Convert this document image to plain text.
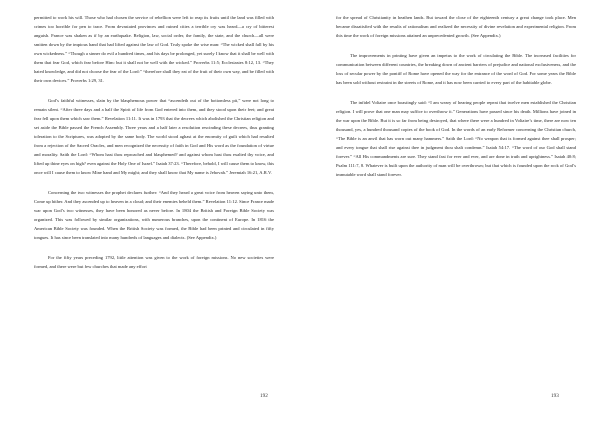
permitted to work his will. Those who had chosen the service of rebellion were left to reap its fruits until the land was filled with crimes too horrible for pen to trace. From devastated provinces and ruined cities a terrible cry was heard—a cry of bitterest anguish. France was shaken as if by an earthquake. Religion, law, social order, the family, the state, and the church—all were smitten down by the impious hand that had lifted against the law of God. Truly spoke the wise man: “The wicked shall fall by his own wickedness.” “Though a sinner do evil a hundred times, and his days be prolonged, yet surely I know that it shall be well with them that fear God, which fear before Him: but it shall not be well with the wicked.” Proverbs 11:5; Ecclesiastes 8:12, 13. “They hated knowledge, and did not choose the fear of the Lord:” “therefore shall they eat of the fruit of their own way, and be filled with their own devices.” Proverbs 1:29, 31.

God’s faithful witnesses, slain by the blasphemous power that “ascendeth out of the bottomless pit,” were not long to remain silent. “After three days and a half the Spirit of life from God entered into them, and they stood upon their feet; and great fear fell upon them which saw them.” Revelation 11:11. It was in 1793 that the decrees which abolished the Christian religion and set aside the Bible passed the French Assembly. Three years and a half later a resolution rescinding these decrees, thus granting toleration to the Scriptures, was adopted by the same body. The world stood aghast at the enormity of guilt which had resulted from a rejection of the Sacred Oracles, and men recognized the necessity of faith in God and His word as the foundation of virtue and morality. Saith the Lord: “Whom hast thou reproached and blasphemed? and against whom hast thou exalted thy voice, and lifted up thine eyes on high? even against the Holy One of Israel.” Isaiah 37:23. “Therefore, behold, I will cause them to know, this once will I cause them to know Mine hand and My might; and they shall know that My name is Jehovah.” Jeremiah 16:21, A.R.V.

Concerning the two witnesses the prophet declares further: “And they heard a great voice from heaven saying unto them, Come up hither. And they ascended up to heaven in a cloud; and their enemies beheld them.” Revelation 11:12. Since France made war upon God’s two witnesses, they have been honored as never before. In 1804 the British and Foreign Bible Society was organized. This was followed by similar organizations, with numerous branches, upon the continent of Europe. In 1816 the American Bible Society was founded. When the British Society was formed, the Bible had been printed and circulated in fifty tongues. It has since been translated into many hundreds of languages and dialects. (See Appendix.)

For the fifty years preceding 1792, little attention was given to the work of foreign missions. No new societies were formed, and there were but few churches that made any effort

192

for the spread of Christianity in heathen lands. But toward the close of the eighteenth century a great change took place. Men became dissatisfied with the results of rationalism and realized the necessity of divine revelation and experimental religion. From this time the work of foreign missions attained an unprecedented growth. (See Appendix.)

The improvements in printing have given an impetus to the work of circulating the Bible. The increased facilities for communication between different countries, the breaking down of ancient barriers of prejudice and national exclusiveness, and the loss of secular power by the pontiff of Rome have opened the way for the entrance of the word of God. For some years the Bible has been sold without restraint in the streets of Rome, and it has now been carried to every part of the habitable globe.

The infidel Voltaire once boastingly said: “I am weary of hearing people repeat that twelve men established the Christian religion. I will prove that one man may suffice to overthrow it.” Generations have passed since his death. Millions have joined in the war upon the Bible. But it is so far from being destroyed, that where there were a hundred in Voltaire’s time, there are now ten thousand, yes, a hundred thousand copies of the book of God. In the words of an early Reformer concerning the Christian church, “The Bible is an anvil that has worn out many hammers.” Saith the Lord: “No weapon that is formed against thee shall prosper; and every tongue that shall rise against thee in judgment thou shalt condemn.” Isaiah 54:17. “The word of our God shall stand forever.” “All His commandments are sure. They stand fast for ever and ever, and are done in truth and uprightness.” Isaiah 40:8; Psalm 111:7, 8. Whatever is built upon the authority of man will be overthrown; but that which is founded upon the rock of God’s immutable word shall stand forever.

193
